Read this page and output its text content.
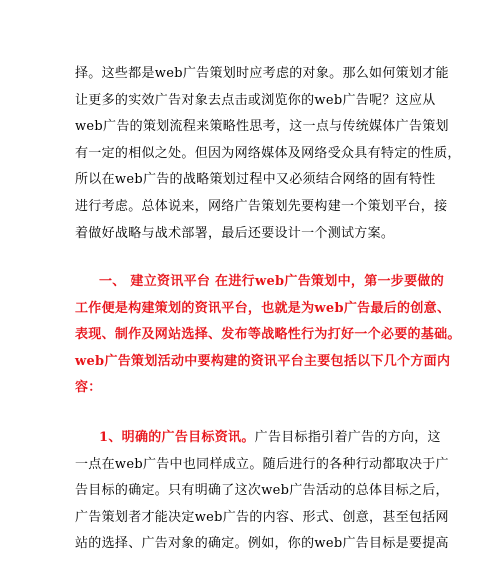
择。这些都是web广告策划时应考虑的对象。那么如何策划才能
让更多的实效广告对象去点击或浏览你的web广告呢？这应从
web广告的策划流程来策略性思考，这一点与传统媒体广告策划
有一定的相似之处。但因为网络媒体及网络受众具有特定的性质，
所以在web广告的战略策划过程中又必须结合网络的固有特性
进行考虑。总体说来，网络广告策划先要构建一个策划平台，接
着做好战略与战术部署，最后还要设计一个测试方案。
一、 建立资讯平台 在进行web广告策划中，第一步要做的
工作便是构建策划的资讯平台，也就是为web广告最后的创意、
表现、制作及网站选择、发布等战略性行为打好一个必要的基础。
web广告策划活动中要构建的资讯平台主要包括以下几个方面内
容：
1、明确的广告目标资讯。广告目标指引着广告的方向，这
一点在web广告中也同样成立。随后进行的各种行动都取决于广
告目标的确定。只有明确了这次web广告活动的总体目标之后，
广告策划者才能决定web广告的内容、形式、创意，甚至包括网
站的选择、广告对象的确定。例如，你的web广告目标是要提高
